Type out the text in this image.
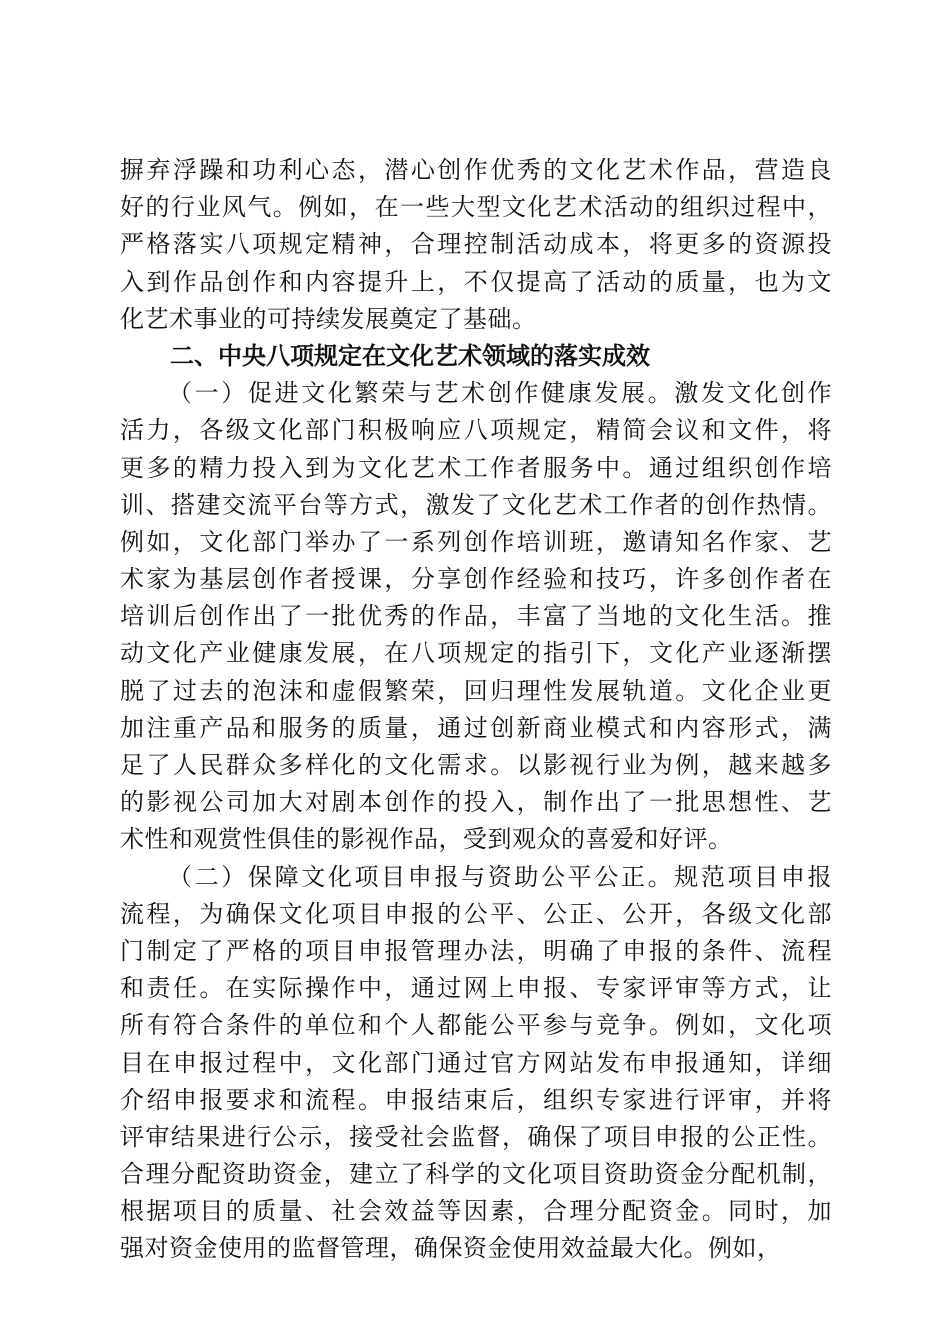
摒弃浮躁和功利心态，潜心创作优秀的文化艺术作品，营造良
好的行业风气。例如，在一些大型文化艺术活动的组织过程中，
严格落实八项规定精神，合理控制活动成本，将更多的资源投
入到作品创作和内容提升上，不仅提高了活动的质量，也为文
化艺术事业的可持续发展奠定了基础。
二、中央八项规定在文化艺术领域的落实成效
（一）促进文化繁荣与艺术创作健康发展。激发文化创作
活力，各级文化部门积极响应八项规定，精简会议和文件，将
更多的精力投入到为文化艺术工作者服务中。通过组织创作培
训、搭建交流平台等方式，激发了文化艺术工作者的创作热情。
例如，文化部门举办了一系列创作培训班，邀请知名作家、艺
术家为基层创作者授课，分享创作经验和技巧，许多创作者在
培训后创作出了一批优秀的作品，丰富了当地的文化生活。推
动文化产业健康发展，在八项规定的指引下，文化产业逐渐摆
脱了过去的泡沫和虚假繁荣，回归理性发展轨道。文化企业更
加注重产品和服务的质量，通过创新商业模式和内容形式，满
足了人民群众多样化的文化需求。以影视行业为例，越来越多
的影视公司加大对剧本创作的投入，制作出了一批思想性、艺
术性和观赏性俱佳的影视作品，受到观众的喜爱和好评。
（二）保障文化项目申报与资助公平公正。规范项目申报
流程，为确保文化项目申报的公平、公正、公开，各级文化部
门制定了严格的项目申报管理办法，明确了申报的条件、流程
和责任。在实际操作中，通过网上申报、专家评审等方式，让
所有符合条件的单位和个人都能公平参与竞争。例如，文化项
目在申报过程中，文化部门通过官方网站发布申报通知，详细
介绍申报要求和流程。申报结束后，组织专家进行评审，并将
评审结果进行公示，接受社会监督，确保了项目申报的公正性。
合理分配资助资金，建立了科学的文化项目资助资金分配机制，
根据项目的质量、社会效益等因素，合理分配资金。同时，加
强对资金使用的监督管理，确保资金使用效益最大化。例如，
